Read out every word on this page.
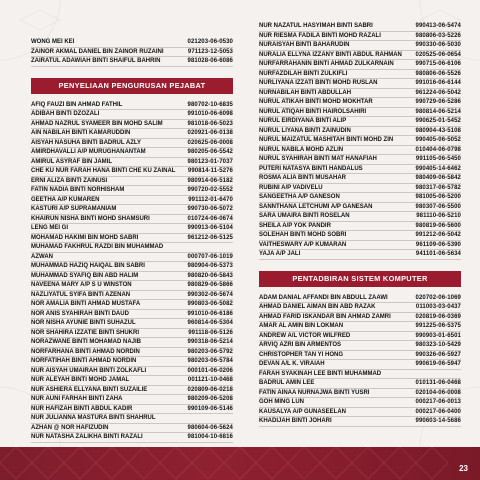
WONG MEI KEI	021203-06-0530
ZAINOR AKMAL DANIEL BIN ZAINOR RUZAINI	971123-12-5053
ZAIRATUL ADAWIAH BINTI SHAIFUL BAHRIN	981028-06-6086
PENYELIAAN PENGURUSAN PEJABAT
AFIQ FAUZI BIN AHMAD FATHIL	980702-10-6835
ADIBAH BINTI DZOZALI	991010-06-6098
AHMAD NAZRUL SYAMEER BIN MOHD SALIM	981018-06-5023
AIN NABILAH BINTI KAMARUDDIN	020921-06-0138
AISYAH NASUHA BINTI BADRUL AZLY	020625-06-0008
AMIRDHAVALLI A/P MURUGHANANTAM	980205-06-5542
AMIRUL ASYRAF BIN JAMIL	980123-01-7037
CHE KU NUR FARAH HANA BINTI CHE KU ZAINAL	990814-11-5276
ERNI ALIZA BINTI ZAINUSI	980914-06-5182
FATIN NADIA BINTI NORHISHAM	990720-02-5552
GEETHA A/P KUMAREN	991112-01-6470
KASTURI A/P SUPRAMANIAM	990730-06-5072
KHAIRUN NISHA BINTI MOHD SHAMSURI	010724-06-0674
LENG MEI GI	990913-06-5104
MOHAMAD HAKIMI BIN MOHD SABRI	961212-06-5125
MUHAMAD FAKHRUL RAZDI BIN MUHAMMAD
AZWAN	000707-06-1019
MUHAMMAD HAZIQ HAIQAL BIN SABRI	980904-06-5373
MUHAMMAD SYAFIQ BIN ABD HALIM	980820-06-5843
NAVEENA MARY A/P S U WINSTON	980829-06-5866
NAZLIYATUL SYIFA BINTI AZENAN	990302-06-5674
NOR AMALIA BINTI AHMAD MUSTAFA	990803-06-5082
NOR ANIS SYAHIRAH BINTI DAUD	991010-06-6186
NOR NISHA AYUNIE BINTI SUHAZUL	960814-06-5304
NOR SHAHIRA IZZATIE BINTI SHUKRI	991118-06-5126
NORAZWANE BINTI MOHAMAD NAJIB	990318-06-5214
NORFARHANA BINTI AHMAD NORDIN	980203-06-5792
NORFATIHAH BINTI AHMAD NORDIN	980203-06-5784
NUR AISYAH UMAIRAH BINTI ZOLKAFLI	000101-06-0206
NUR ALEYAH BINTI MOHD JAMAL	001121-10-0468
NUR ASHIERA ELLYANA BINTI SUZAILIE	020809-06-0218
NUR AUNI FARHAH BINTI ZAHA	980209-06-5208
NUR HAFIZAH BINTI ABDUL KADIR	990109-06-5146
NUR JULIANNA MASTURA BINTI SHAHRUL
AZHAN @ NOR HAFIZUDIN	980604-06-5624
NUR NATASHA ZALIKHA BINTI RAZALI	981004-10-6816
NUR NAZATUL HASYIMAH BINTI SABRI	990413-06-5474
NUR RIESMA FADILA BINTI MOHD RAZALI	980806-03-5226
NURAISYAH BINTI BAHARUDIN	990330-06-5030
NURALIA ELLYNA IZZANY BINTI ABDUL RAHMAN	020525-06-0654
NURFARRAHANIN BINTI AHMAD ZULKARNAIN	990715-06-6106
NURFAZDILAH BINTI ZULKIFLI	980806-06-5526
NURLIYANA IZZATI BINTI MOHD RUSLAN	991016-06-6144
NURNABILAH BINTI ABDULLAH	961224-06-5042
NURUL ATIKAH BINTI MOHD MOKHTAR	990729-06-5286
NURUL ATIQAH BINTI HAIROLSAHIRI	980814-06-5214
NURUL EIRDIYANA BINTI ALIP	990625-01-5452
NURUL LIYANA BINTI ZAINUDIN	980904-43-5108
NURUL MAIZATUL MASHITAH BINTI MOHD ZIN	990405-06-5052
NURUL NABILA MOHD AZLIN	010404-06-0798
NURUL SYAHIRAH BINTI MAT HANAFIAH	991105-06-5450
PUTERI NATASYA BINTI HANDALUS	990405-14-6462
ROSMA ALIA BINTI MUSAHAR	980409-06-5842
RUBINI A/P VADIVELU	980317-06-5782
SANGEETHA A/P GANESON	981005-06-5200
SANNTHANA LETCHUMI A/P GANESAN	980307-06-5500
SARA UMAIRA BINTI ROSELAN	981110-06-5210
SHEILA A/P YOK PANDIR	980819-06-5600
SOLEHAH BINTI MOHD SOBRI	991212-06-5042
VAITHESWARY A/P KUMARAN	961109-06-5390
YAJA A/P JALI	941101-06-5634
PENTADBIRAN SISTEM KOMPUTER
ADAM DANIAL AFFANDI BIN ABDULL ZAAWI	020702-06-1069
AHMAD DANIEL AIMAN BIN ABD RAZAK	011003-03-0437
AHMAD FARID ISKANDAR BIN AHMAD ZAMRI	020819-06-0369
AMAR AL AMIN BIN LOKMAN	991225-06-5375
ANDREW A/L VICTOR WILFRED	990903-01-6501
ARVIQ AZRI BIN ARMENTOS	980323-10-5429
CHRISTOPHER TAN YI HONG	990326-06-5927
DEVAN A/L K. VIRAIAH	990619-06-5947
FARAH SYAKINAH LEE BINTI MUHAMMAD
BADRUL AMIN LEE	010131-06-0468
FATIN AINAA NURNAJWA BINTI YUSRI	020104-06-0008
GOH MING LUN	000217-06-0013
KAUSALYA A/P GUNASEELAN	000217-06-0400
KHADIJAH BINTI JOHARI	990603-14-5686
23
